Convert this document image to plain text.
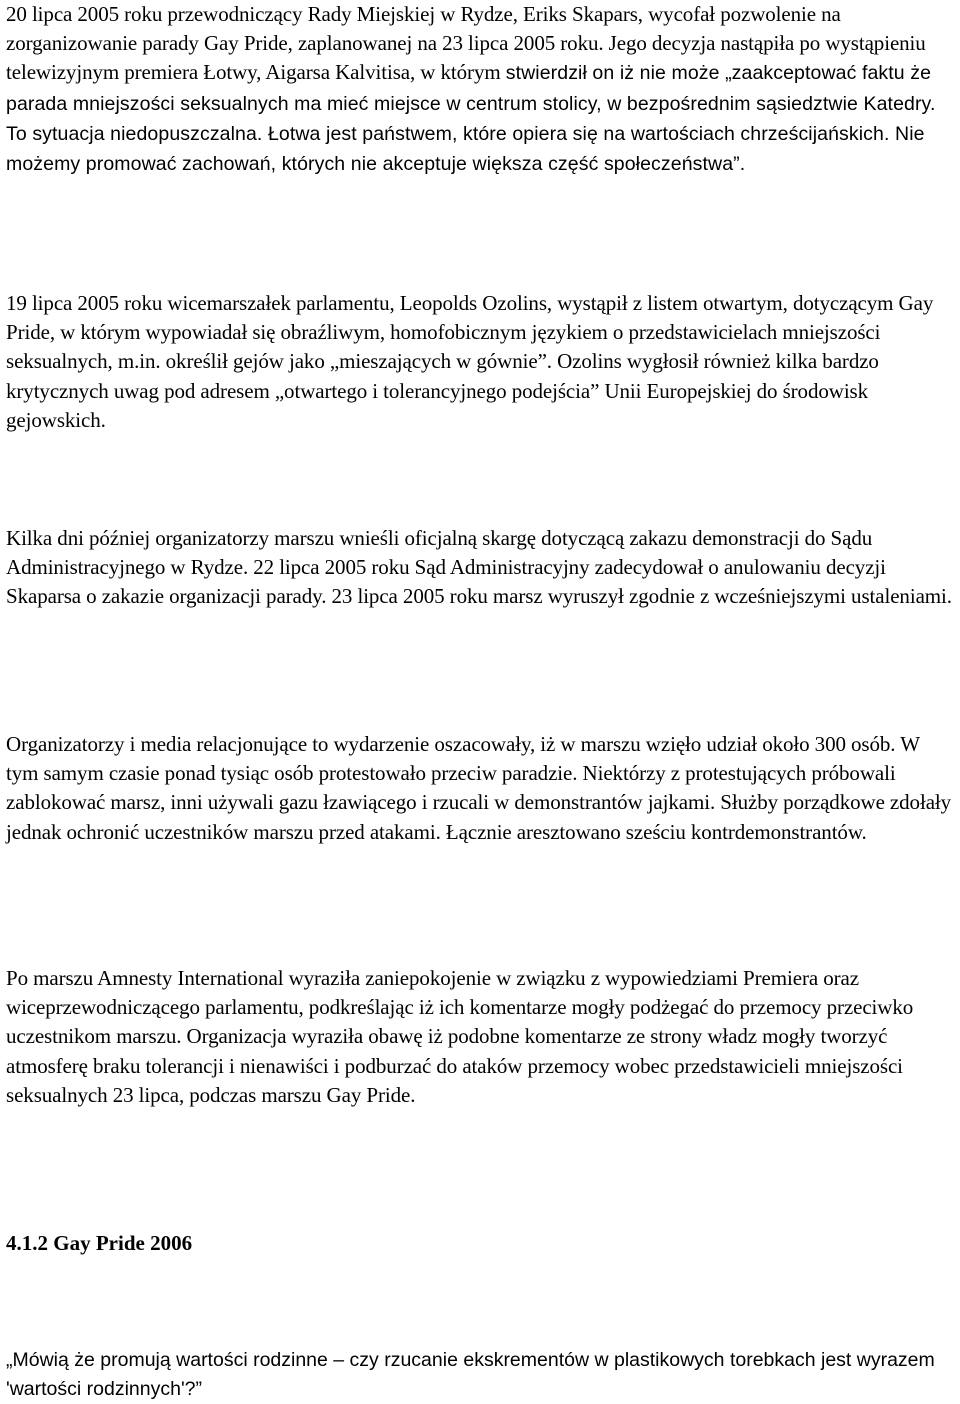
20 lipca 2005 roku przewodniczący Rady Miejskiej w Rydze, Eriks Skapars, wycofał pozwolenie na zorganizowanie parady Gay Pride, zaplanowanej na 23 lipca 2005 roku. Jego decyzja nastąpiła po wystąpieniu telewizyjnym premiera Łotwy, Aigarsa Kalvitisa, w którym stwierdził on iż nie może „zaakceptować faktu że parada mniejszości seksualnych ma mieć miejsce w centrum stolicy, w bezpośrednim sąsiedztwie Katedry. To sytuacja niedopuszczalna. Łotwa jest państwem, które opiera się na wartościach chrześcijańskich. Nie możemy promować zachowań, których nie akceptuje większa część społeczeństwa”.

19 lipca 2005 roku wicemarszałek parlamentu, Leopolds Ozolins, wystąpił z listem otwartym, dotyczącym Gay Pride, w którym wypowiadał się obraźliwym, homofobicznym językiem o przedstawicielach mniejszości seksualnych, m.in. określił gejów jako „mieszających w gównie”. Ozolins wygłosił również kilka bardzo krytycznych uwag pod adresem „otwartego i tolerancyjnego podejścia” Unii Europejskiej do środowisk gejowskich.

Kilka dni później organizatorzy marszu wnieśli oficjalną skargę dotyczącą zakazu demonstracji do Sądu Administracyjnego w Rydze. 22 lipca 2005 roku Sąd Administracyjny zadecydował o anulowaniu decyzji Skaparsa o zakazie organizacji parady. 23 lipca 2005 roku marsz wyruszył zgodnie z wcześniejszymi ustaleniami.

Organizatorzy i media relacjonujące to wydarzenie oszacowały, iż w marszu wzięło udział około 300 osób. W tym samym czasie ponad tysiąc osób protestowało przeciw paradzie. Niektórzy z protestujących próbowali zablokować marsz, inni używali gazu łzawiącego i rzucali w demonstrantów jajkami. Służby porządkowe zdołały jednak ochronić uczestników marszu przed atakami. Łącznie aresztowano sześciu kontrdemonstrantów.

Po marszu Amnesty International wyraziła zaniepokojenie w związku z wypowiedziami Premiera oraz wiceprzewodniczącego parlamentu, podkreślając iż ich komentarze mogły podżegać do przemocy przeciwko uczestnikom marszu. Organizacja wyraziła obawę iż podobne komentarze ze strony władz mogły tworzyć atmosferę braku tolerancji i nienawiści i podburzać do ataków przemocy wobec przedstawicieli mniejszości seksualnych 23 lipca, podczas marszu Gay Pride.

4.1.2 Gay Pride 2006

„Mówią że promują wartości rodzinne – czy rzucanie ekskrementów w plastikowych torebkach jest wyrazem 'wartości rodzinnych'?”
